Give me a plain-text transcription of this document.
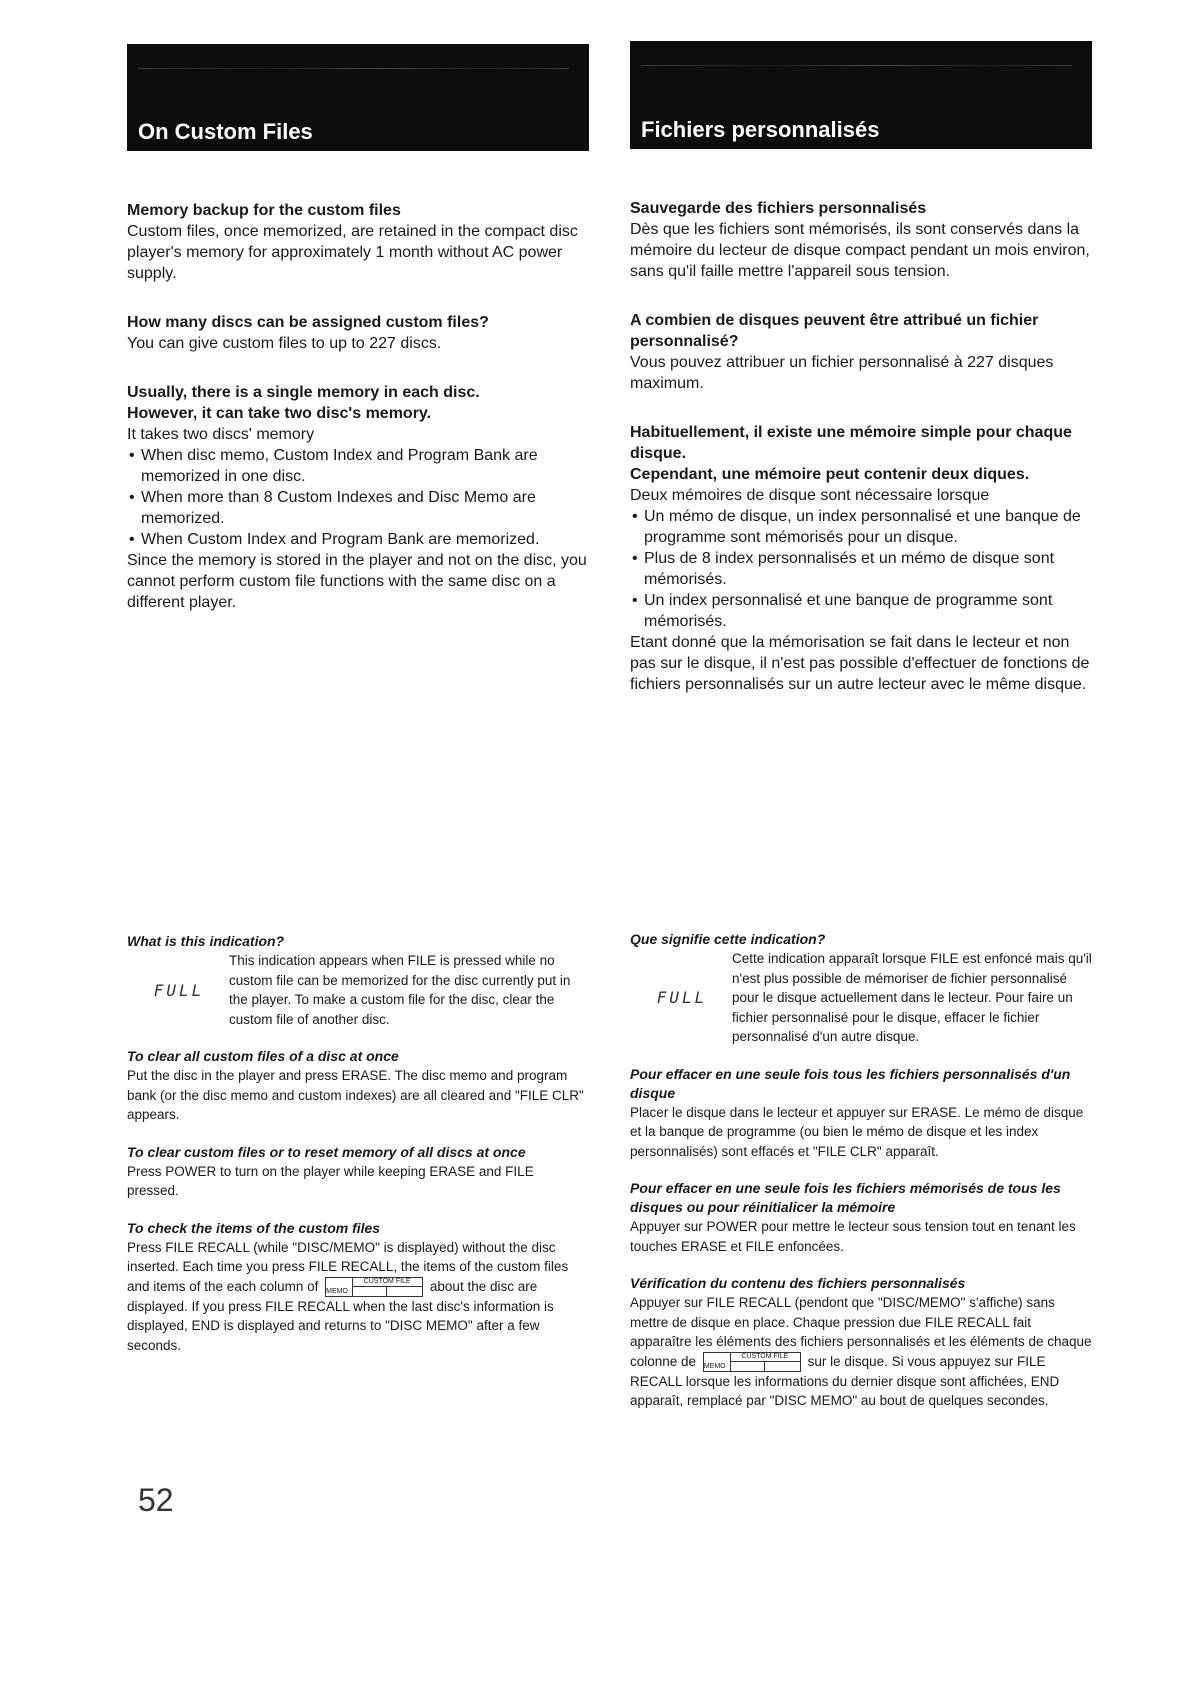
On Custom Files	Fichiers personnalisés
Memory backup for the custom files

Custom files, once memorized, are retained in the compact disc player's memory for approximately 1 month without AC power supply.

How many discs can be assigned custom files?

You can give custom files to up to 227 discs.

Usually, there is a single memory in each disc.
However, it can take two disc's memory.

It takes two discs' memory

• When disc memo, Custom Index and Program Bank are memorized in one disc.
• When more than 8 Custom Indexes and Disc Memo are memorized.
• When Custom Index and Program Bank are memorized.

Since the memory is stored in the player and not on the disc, you cannot perform custom file functions with the same disc on a different player.

Sauvegarde des fichiers personnalisés

Dès que les fichiers sont mémorisés, ils sont conservés dans la mémoire du lecteur de disque compact pendant un mois environ, sans qu'il faille mettre l'appareil sous tension.

A combien de disques peuvent être attribué un fichier personnalisé?

Vous pouvez attribuer un fichier personnalisé à 227 disques maximum.

Habituellement, il existe une mémoire simple pour chaque disque.
Cependant, une mémoire peut contenir deux diques.

Deux mémoires de disque sont nécessaire lorsque

• Un mémo de disque, un index personnalisé et une banque de programme sont mémorisés pour un disque.
• Plus de 8 index personnalisés et un mémo de disque sont mémorisés.
• Un index personnalisé et une banque de programme sont mémorisés.

Etant donné que la mémorisation se fait dans le lecteur et non pas sur le disque, il n'est pas possible d'effectuer de fonctions de fichiers personnalisés sur un autre lecteur avec le même disque.

What is this indication?
FULL

This indication appears when FILE is pressed while no custom file can be memorized for the disc currently put in the player. To make a custom file for the disc, clear the custom file of another disc.

To clear all custom files of a disc at once

Put the disc in the player and press ERASE. The disc memo and program bank (or the disc memo and custom indexes) are all cleared and "FILE CLR" appears.

To clear custom files or to reset memory of all discs at once

Press POWER to turn on the player while keeping ERASE and FILE pressed.

To check the items of the custom files

Press FILE RECALL (while "DISC/MEMO" is displayed) without the disc inserted. Each time you press FILE RECALL, the items of the custom files and items of the each column of	CUSTOM FILE
MEMO	about the disc are displayed. If you press FILE RECALL when the last disc's information is displayed, END is displayed and returns to "DISC MEMO" after a few seconds.

Que signifie cette indication?
FULL

Cette indication apparaît lorsque FILE est enfoncé mais qu'il n'est plus possible de mémoriser de fichier personnalisé pour le disque actuellement dans le lecteur. Pour faire un fichier personnalisé pour le disque, effacer le fichier personnalisé d'un autre disque.

Pour effacer en une seule fois tous les fichiers personnalisés d'un disque

Placer le disque dans le lecteur et appuyer sur ERASE. Le mémo de disque et la banque de programme (ou bien le mémo de disque et les index personnalisés) sont effacés et "FILE CLR" apparaît.

Pour effacer en une seule fois les fichiers mémorisés de tous les disques ou pour réinitialicer la mémoire

Appuyer sur POWER pour mettre le lecteur sous tension tout en tenant les touches ERASE et FILE enfoncées.

Vérification du contenu des fichiers personnalisés

Appuyer sur FILE RECALL (pendont que "DISC/MEMO" s'affiche) sans mettre de disque en place. Chaque pression due FILE RECALL fait apparaître les éléments des fichiers personnalisés et les éléments de chaque colonne de	CUSTOM FILE
MEMO	sur le disque. Si vous appuyez sur FILE RECALL lorsque les informations du dernier disque sont affichées, END apparaît, remplacé par "DISC MEMO" au bout de quelques secondes.

52
